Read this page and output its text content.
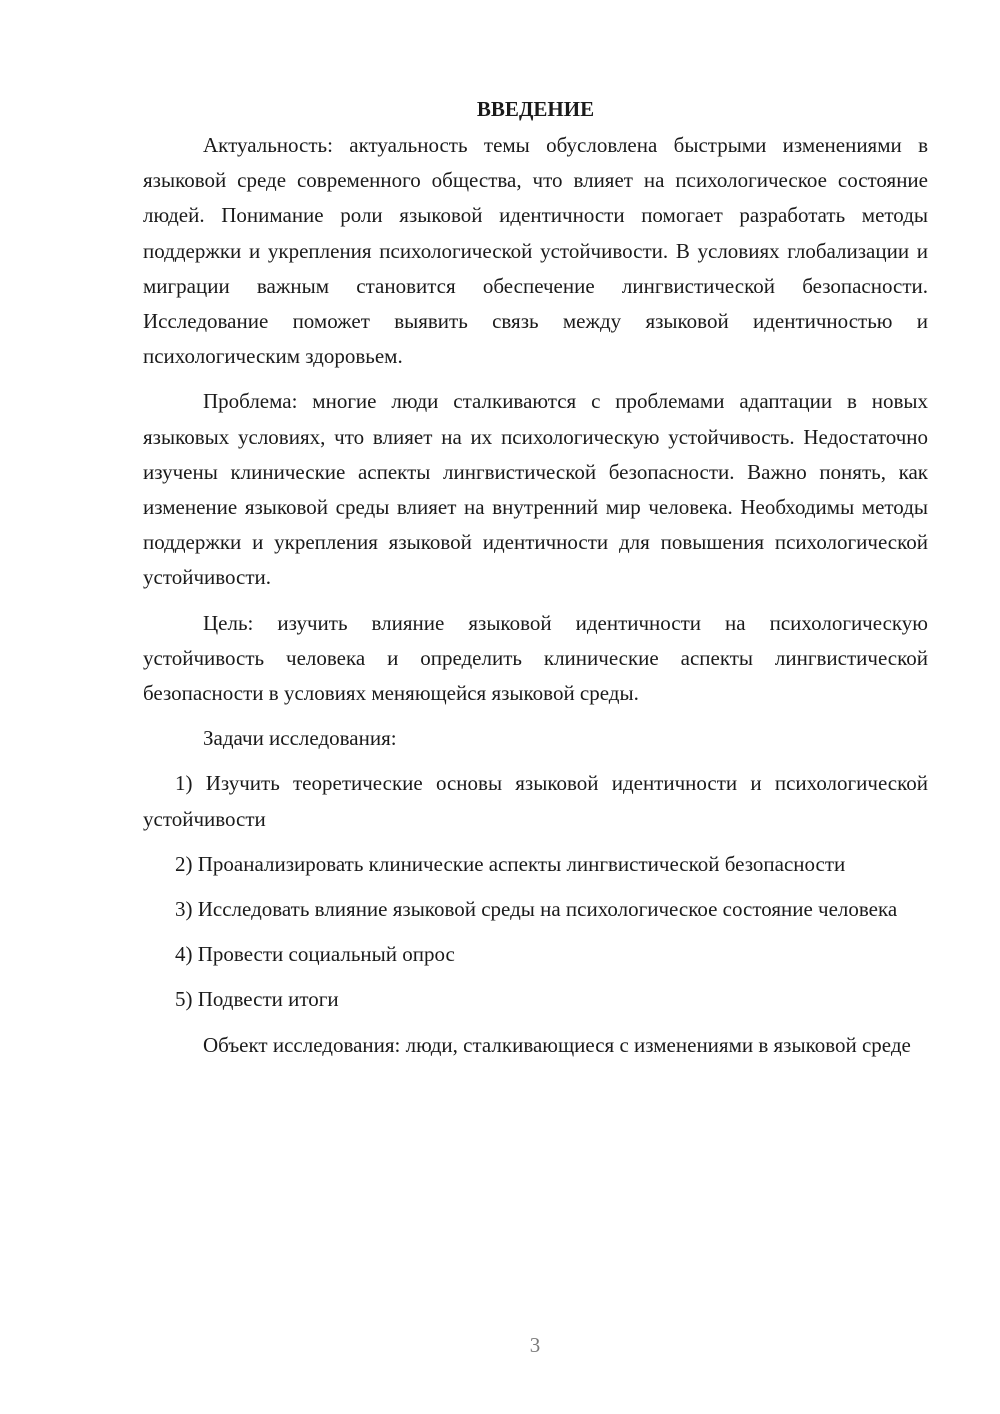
ВВЕДЕНИЕ

Актуальность: актуальность темы обусловлена быстрыми изменениями в языковой среде современного общества, что влияет на психологическое состояние людей. Понимание роли языковой идентичности помогает разработать методы поддержки и укрепления психологической устойчивости. В условиях глобализации и миграции важным становится обеспечение лингвистической безопасности. Исследование поможет выявить связь между языковой идентичностью и психологическим здоровьем.

Проблема: многие люди сталкиваются с проблемами адаптации в новых языковых условиях, что влияет на их психологическую устойчивость. Недостаточно изучены клинические аспекты лингвистической безопасности. Важно понять, как изменение языковой среды влияет на внутренний мир человека. Необходимы методы поддержки и укрепления языковой идентичности для повышения психологической устойчивости.

Цель: изучить влияние языковой идентичности на психологическую устойчивость человека и определить клинические аспекты лингвистической безопасности в условиях меняющейся языковой среды.

Задачи исследования:

1) Изучить теоретические основы языковой идентичности и психологической устойчивости

2) Проанализировать клинические аспекты лингвистической безопасности

3) Исследовать влияние языковой среды на психологическое состояние человека

4) Провести социальный опрос

5) Подвести итоги

Объект исследования: люди, сталкивающиеся с изменениями в языковой среде

3
